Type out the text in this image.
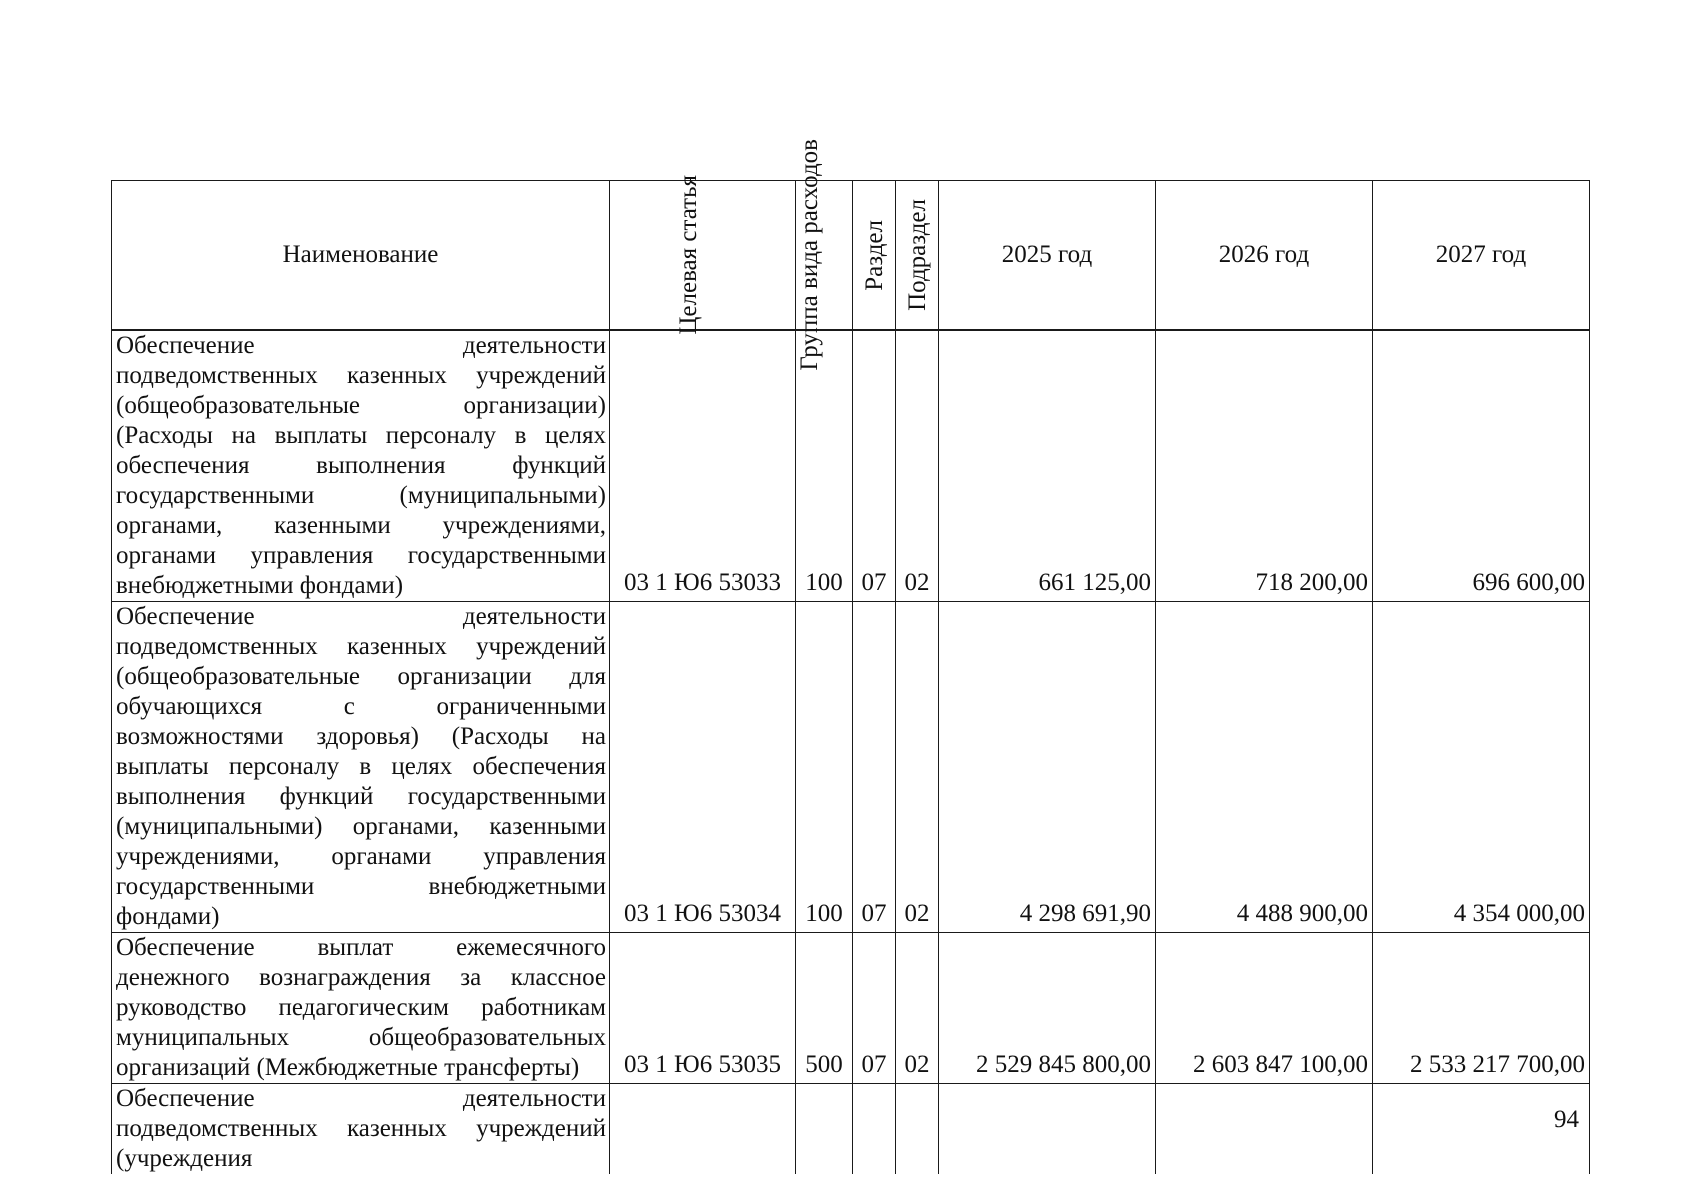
Наименование	Целевая статья	Группа вида расходов	Раздел	Подраздел	2025 год	2026 год	2027 год
Обеспечение деятельности подведомственных казенных учреждений (общеобразовательные организации) (Расходы на выплаты персоналу в целях обеспечения выполнения функций государственными (муниципальными) органами, казенными учреждениями, органами управления государственными внебюджетными фондами)	03 1 Ю6 53033	100	07	02	661 125,00	718 200,00	696 600,00
Обеспечение деятельности подведомственных казенных учреждений (общеобразовательные организации для обучающихся с ограниченными возможностями здоровья) (Расходы на выплаты персоналу в целях обеспечения выполнения функций государственными (муниципальными) органами, казенными учреждениями, органами управления государственными внебюджетными фондами)	03 1 Ю6 53034	100	07	02	4 298 691,90	4 488 900,00	4 354 000,00
Обеспечение выплат ежемесячного денежного вознаграждения за классное руководство педагогическим работникам муниципальных общеобразовательных организаций (Межбюджетные трансферты)	03 1 Ю6 53035	500	07	02	2 529 845 800,00	2 603 847 100,00	2 533 217 700,00
Обеспечение деятельности подведомственных казенных учреждений (учреждения							
94
